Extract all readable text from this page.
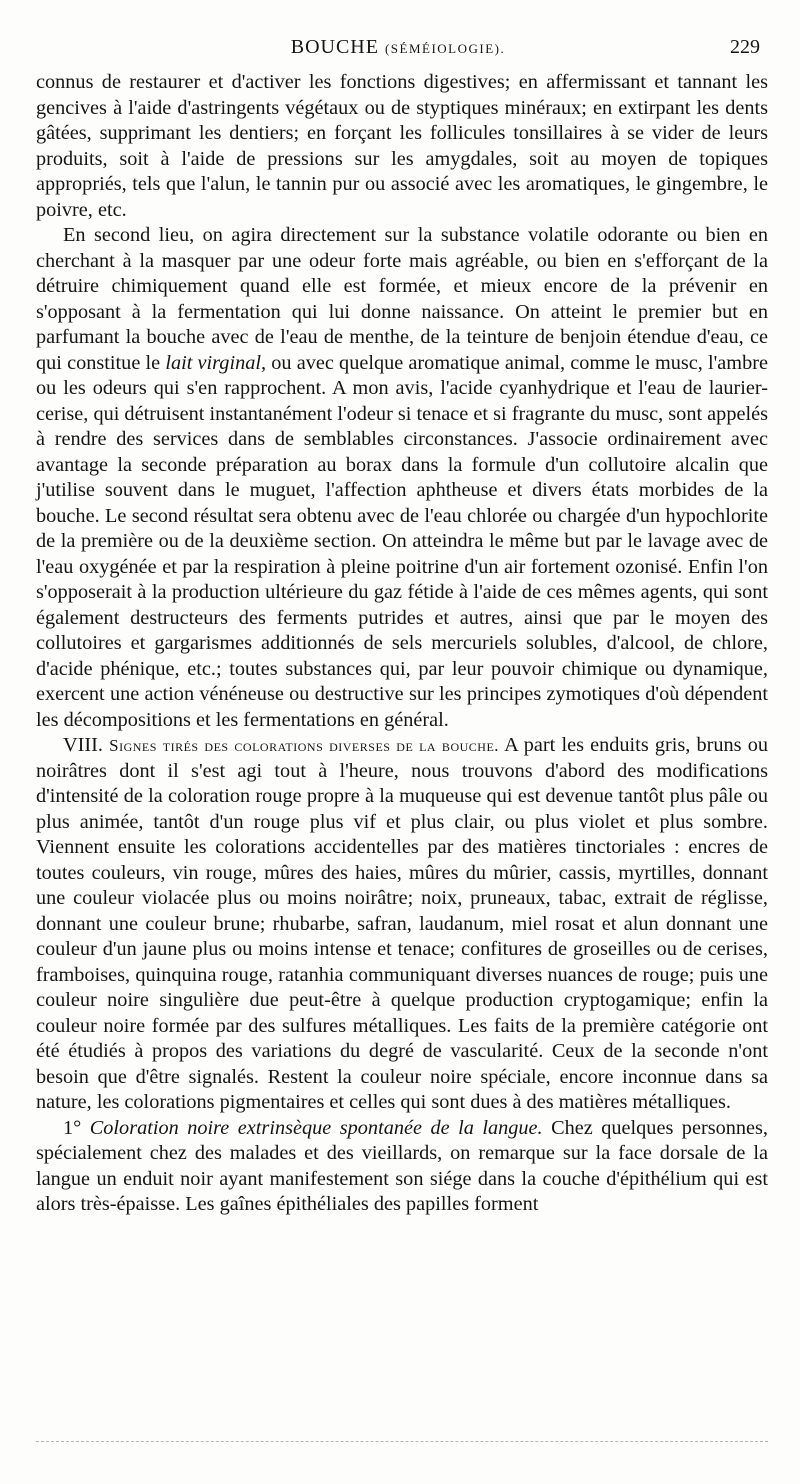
BOUCHE (SÉMÉIOLOGIE).	229

connus de restaurer et d'activer les fonctions digestives; en affermissant et tannant les gencives à l'aide d'astringents végétaux ou de styptiques minéraux; en extirpant les dents gâtées, supprimant les dentiers; en forçant les follicules tonsillaires à se vider de leurs produits, soit à l'aide de pressions sur les amygdales, soit au moyen de topiques appropriés, tels que l'alun, le tannin pur ou associé avec les aromatiques, le gingembre, le poivre, etc.

En second lieu, on agira directement sur la substance volatile odorante ou bien en cherchant à la masquer par une odeur forte mais agréable, ou bien en s'efforçant de la détruire chimiquement quand elle est formée, et mieux encore de la prévenir en s'opposant à la fermentation qui lui donne naissance. On atteint le premier but en parfumant la bouche avec de l'eau de menthe, de la teinture de benjoin étendue d'eau, ce qui constitue le lait virginal, ou avec quelque aromatique animal, comme le musc, l'ambre ou les odeurs qui s'en rapprochent. A mon avis, l'acide cyanhydrique et l'eau de laurier-cerise, qui détruisent instantanément l'odeur si tenace et si fragrante du musc, sont appelés à rendre des services dans de semblables circonstances. J'associe ordinairement avec avantage la seconde préparation au borax dans la formule d'un collutoire alcalin que j'utilise souvent dans le muguet, l'affection aphtheuse et divers états morbides de la bouche. Le second résultat sera obtenu avec de l'eau chlorée ou chargée d'un hypochlorite de la première ou de la deuxième section. On atteindra le même but par le lavage avec de l'eau oxygénée et par la respiration à pleine poitrine d'un air fortement ozonisé. Enfin l'on s'opposerait à la production ultérieure du gaz fétide à l'aide de ces mêmes agents, qui sont également destructeurs des ferments putrides et autres, ainsi que par le moyen des collutoires et gargarismes additionnés de sels mercuriels solubles, d'alcool, de chlore, d'acide phénique, etc.; toutes substances qui, par leur pouvoir chimique ou dynamique, exercent une action vénéneuse ou destructive sur les principes zymotiques d'où dépendent les décompositions et les fermentations en général.

VIII. Signes tirés des colorations diverses de la bouche. A part les enduits gris, bruns ou noirâtres dont il s'est agi tout à l'heure, nous trouvons d'abord des modifications d'intensité de la coloration rouge propre à la muqueuse qui est devenue tantôt plus pâle ou plus animée, tantôt d'un rouge plus vif et plus clair, ou plus violet et plus sombre. Viennent ensuite les colorations accidentelles par des matières tinctoriales : encres de toutes couleurs, vin rouge, mûres des haies, mûres du mûrier, cassis, myrtilles, donnant une couleur violacée plus ou moins noirâtre; noix, pruneaux, tabac, extrait de réglisse, donnant une couleur brune; rhubarbe, safran, laudanum, miel rosat et alun donnant une couleur d'un jaune plus ou moins intense et tenace; confitures de groseilles ou de cerises, framboises, quinquina rouge, ratanhia communiquant diverses nuances de rouge; puis une couleur noire singulière due peut-être à quelque production cryptogamique; enfin la couleur noire formée par des sulfures métalliques. Les faits de la première catégorie ont été étudiés à propos des variations du degré de vascularité. Ceux de la seconde n'ont besoin que d'être signalés. Restent la couleur noire spéciale, encore inconnue dans sa nature, les colorations pigmentaires et celles qui sont dues à des matières métalliques.

1° Coloration noire extrinsèque spontanée de la langue. Chez quelques personnes, spécialement chez des malades et des vieillards, on remarque sur la face dorsale de la langue un enduit noir ayant manifestement son siége dans la couche d'épithélium qui est alors très-épaisse. Les gaînes épithéliales des papilles forment
